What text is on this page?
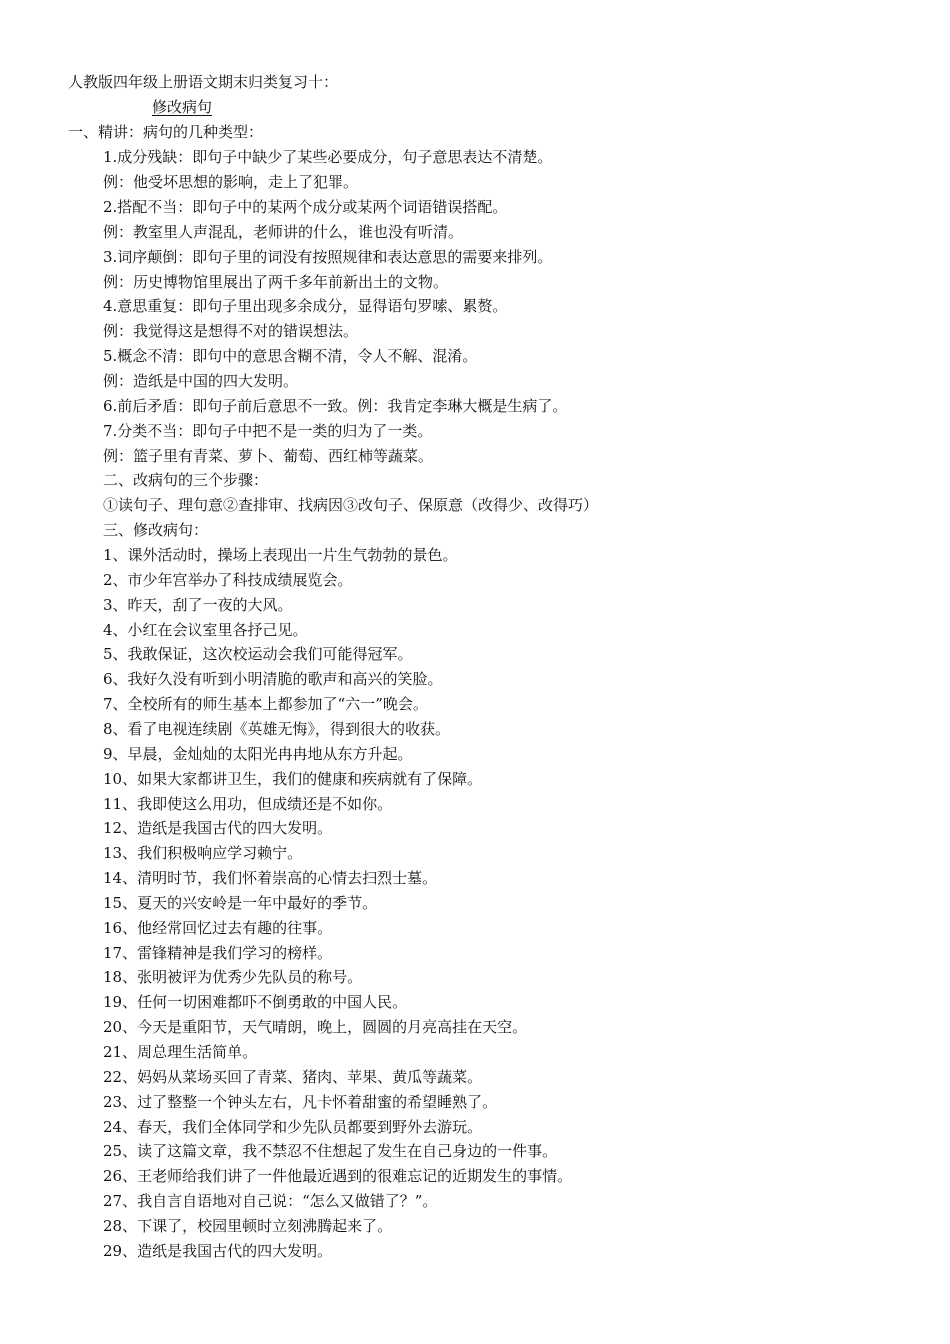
人教版四年级上册语文期末归类复习十：
修改病句
一、精讲：病句的几种类型：
1.成分残缺：即句子中缺少了某些必要成分，句子意思表达不清楚。
例：他受坏思想的影响，走上了犯罪。
2.搭配不当：即句子中的某两个成分或某两个词语错误搭配。
例：教室里人声混乱，老师讲的什么，谁也没有听清。
3.词序颠倒：即句子里的词没有按照规律和表达意思的需要来排列。
例：历史博物馆里展出了两千多年前新出土的文物。
4.意思重复：即句子里出现多余成分，显得语句罗嗦、累赘。
例：我觉得这是想得不对的错误想法。
5.概念不清：即句中的意思含糊不清，令人不解、混淆。
例：造纸是中国的四大发明。
6.前后矛盾：即句子前后意思不一致。例：我肯定李琳大概是生病了。
7.分类不当：即句子中把不是一类的归为了一类。
例：篮子里有青菜、萝卜、葡萄、西红柿等蔬菜。
二、改病句的三个步骤：
①读句子、理句意②查排审、找病因③改句子、保原意（改得少、改得巧）
三、修改病句：
1、课外活动时，操场上表现出一片生气勃勃的景色。
2、市少年宫举办了科技成绩展览会。
3、昨天，刮了一夜的大风。
4、小红在会议室里各抒己见。
5、我敢保证，这次校运动会我们可能得冠军。
6、我好久没有听到小明清脆的歌声和高兴的笑脸。
7、全校所有的师生基本上都参加了“六一”晚会。
8、看了电视连续剧《英雄无悔》，得到很大的收获。
9、早晨，金灿灿的太阳光冉冉地从东方升起。
10、如果大家都讲卫生，我们的健康和疾病就有了保障。
11、我即使这么用功，但成绩还是不如你。
12、造纸是我国古代的四大发明。
13、我们积极响应学习赖宁。
14、清明时节，我们怀着崇高的心情去扫烈士墓。
15、夏天的兴安岭是一年中最好的季节。
16、他经常回忆过去有趣的往事。
17、雷锋精神是我们学习的榜样。
18、张明被评为优秀少先队员的称号。
19、任何一切困难都吓不倒勇敢的中国人民。
20、今天是重阳节，天气晴朗，晚上，圆圆的月亮高挂在天空。
21、周总理生活简单。
22、妈妈从菜场买回了青菜、猪肉、苹果、黄瓜等蔬菜。
23、过了整整一个钟头左右，凡卡怀着甜蜜的希望睡熟了。
24、春天，我们全体同学和少先队员都要到野外去游玩。
25、读了这篇文章，我不禁忍不住想起了发生在自己身边的一件事。
26、王老师给我们讲了一件他最近遇到的很难忘记的近期发生的事情。
27、我自言自语地对自己说：“怎么又做错了？”。
28、下课了，校园里顿时立刻沸腾起来了。
29、造纸是我国古代的四大发明。
